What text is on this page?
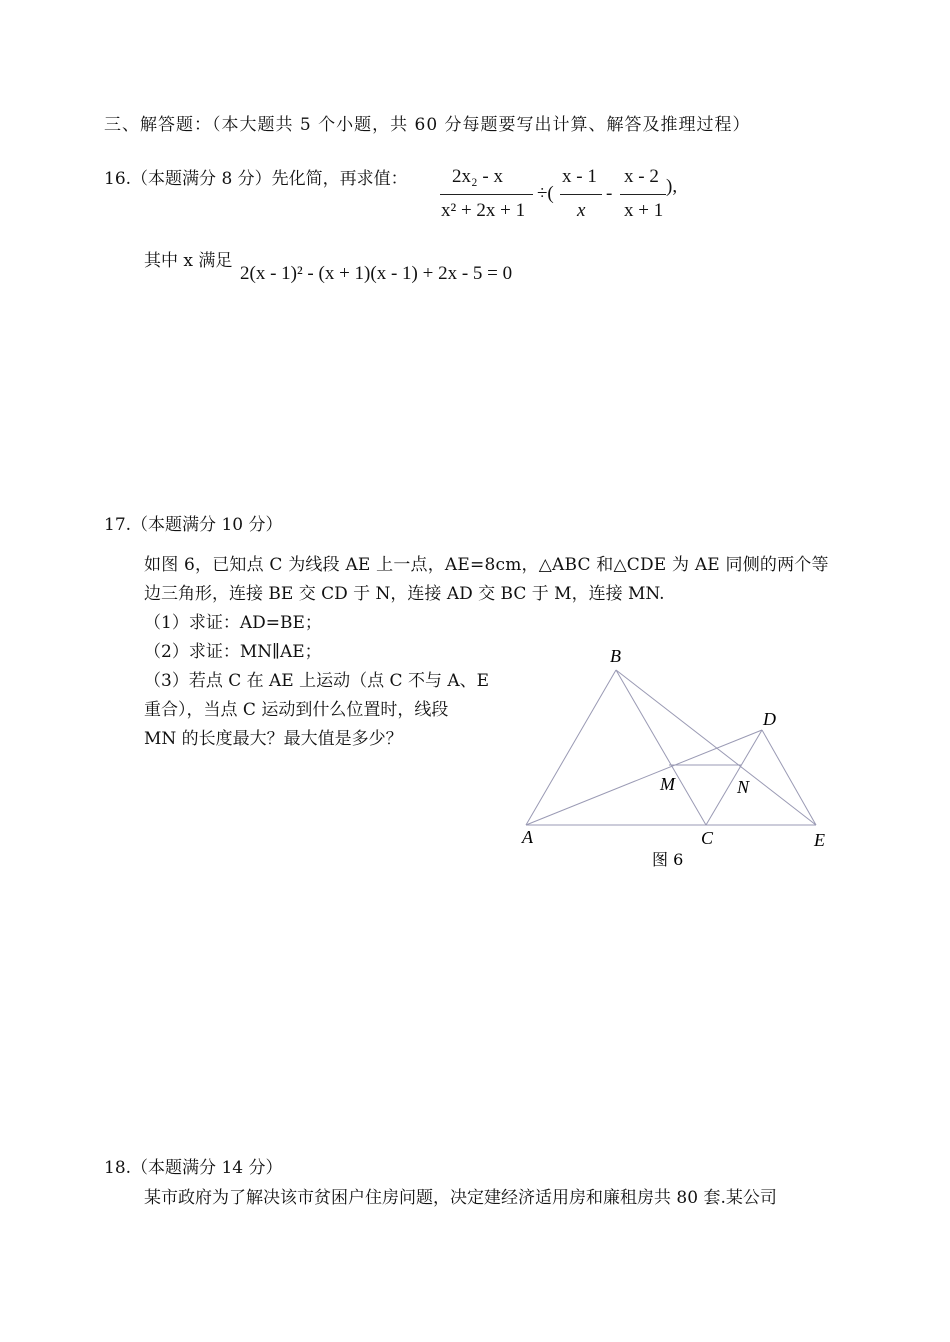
三、解答题：（本大题共 5 个小题，共 60 分每题要写出计算、解答及推理过程）
16.（本题满分 8 分）先化简，再求值： 2x₂ - x
x² + 2x + 1
÷(
x - 1
x
-
x - 2
x + 1
),
其中 x 满足
2(x - 1)² - (x + 1)(x - 1) + 2x - 5 = 0
17.（本题满分 10 分）
如图 6，已知点 C 为线段 AE 上一点，AE=8cm，△ABC 和△CDE 为 AE 同侧的两个等
边三角形，连接 BE 交 CD 于 N，连接 AD 交 BC 于 M，连接 MN.
（1）求证：AD=BE；
（2）求证：MN∥AE；
（3）若点 C 在 AE 上运动（点 C 不与 A、E
重合），当点 C 运动到什么位置时，线段
MN 的长度最大？最大值是多少？
B
D
M	N
A	C	E
图 6
18.（本题满分 14 分）
某市政府为了解决该市贫困户住房问题，决定建经济适用房和廉租房共 80 套.某公司
